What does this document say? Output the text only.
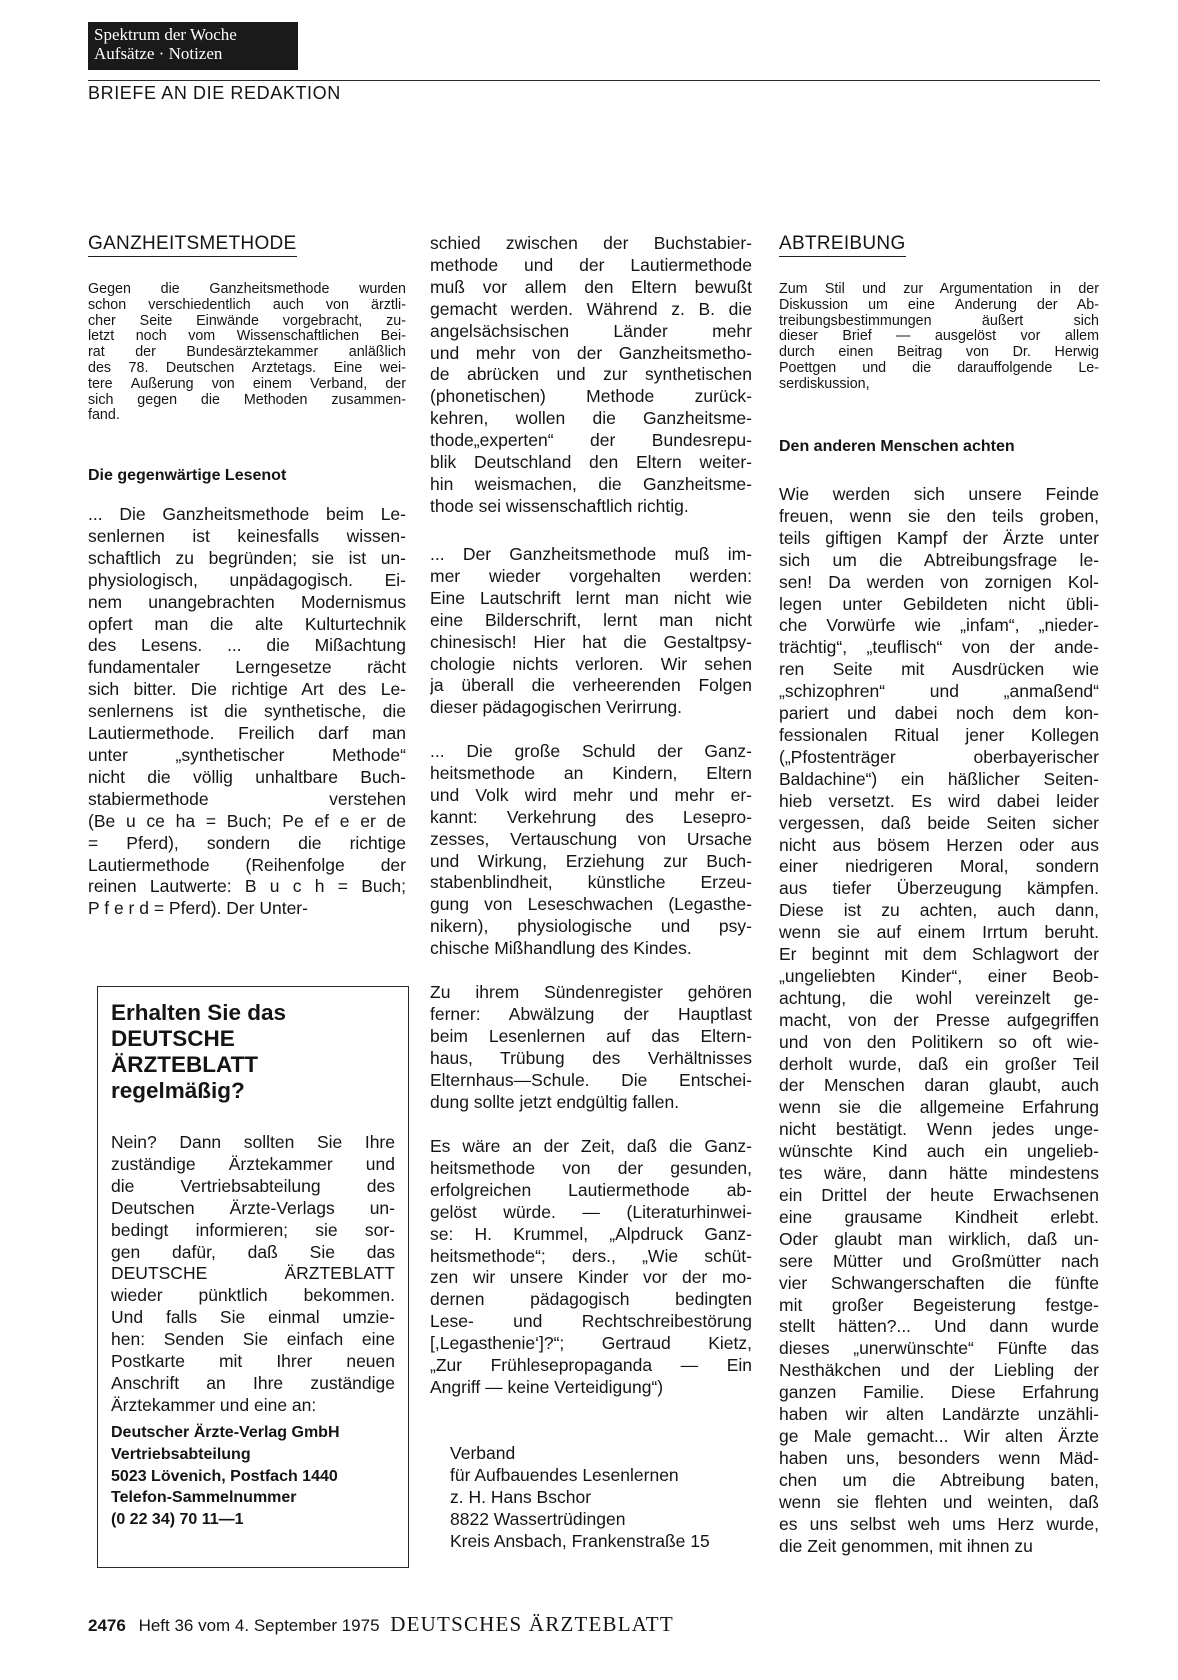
Spektrum der Woche
Aufsätze · Notizen
BRIEFE AN DIE REDAKTION
GANZHEITSMETHODE

Gegen die Ganzheitsmethode wurden

schon verschiedentlich auch von ärztli-

cher Seite Einwände vorgebracht, zu-

letzt noch vom Wissenschaftlichen Bei-

rat der Bundesärztekammer anläßlich

des 78. Deutschen Ärztetags. Eine wei-

tere Äußerung von einem Verband, der

sich gegen die Methoden zusammen-

fand.

Die gegenwärtige Lesenot

... Die Ganzheitsmethode beim Le-

senlernen ist keinesfalls wissen-

schaftlich zu begründen; sie ist un-

physiologisch, unpädagogisch. Ei-

nem unangebrachten Modernismus

opfert man die alte Kulturtechnik

des Lesens. ... die Mißachtung

fundamentaler Lerngesetze rächt

sich bitter. Die richtige Art des Le-

senlernens ist die synthetische, die

Lautiermethode. Freilich darf man

unter „synthetischer Methode“

nicht die völlig unhaltbare Buch-

stabiermethode verstehen

(Be u ce ha = Buch; Pe ef e er de

= Pferd), sondern die richtige

Lautiermethode (Reihenfolge der

reinen Lautwerte: B u c h = Buch;

P f e r d = Pferd). Der Unter-

Erhalten Sie das

DEUTSCHE

ÄRZTEBLATT

regelmäßig?

Nein? Dann sollten Sie Ihre

zuständige Ärztekammer und

die Vertriebsabteilung des

Deutschen Ärzte-Verlags un-

bedingt informieren; sie sor-

gen dafür, daß Sie das

DEUTSCHE ÄRZTEBLATT

wieder pünktlich bekommen.

Und falls Sie einmal umzie-

hen: Senden Sie einfach eine

Postkarte mit Ihrer neuen

Anschrift an Ihre zuständige

Ärztekammer und eine an:

Deutscher Ärzte-Verlag GmbH

Vertriebsabteilung

5023 Lövenich, Postfach 1440

Telefon-Sammelnummer

(0 22 34) 70 11—1

schied zwischen der Buchstabier-

methode und der Lautiermethode

muß vor allem den Eltern bewußt

gemacht werden. Während z. B. die

angelsächsischen Länder mehr

und mehr von der Ganzheitsmetho-

de abrücken und zur synthetischen

(phonetischen) Methode zurück-

kehren, wollen die Ganzheitsme-

thode„experten“ der Bundesrepu-

blik Deutschland den Eltern weiter-

hin weismachen, die Ganzheitsme-

thode sei wissenschaftlich richtig.

... Der Ganzheitsmethode muß im-

mer wieder vorgehalten werden:

Eine Lautschrift lernt man nicht wie

eine Bilderschrift, lernt man nicht

chinesisch! Hier hat die Gestaltpsy-

chologie nichts verloren. Wir sehen

ja überall die verheerenden Folgen

dieser pädagogischen Verirrung.

... Die große Schuld der Ganz-

heitsmethode an Kindern, Eltern

und Volk wird mehr und mehr er-

kannt: Verkehrung des Lesepro-

zesses, Vertauschung von Ursache

und Wirkung, Erziehung zur Buch-

stabenblindheit, künstliche Erzeu-

gung von Leseschwachen (Legasthe-

nikern), physiologische und psy-

chische Mißhandlung des Kindes.

Zu ihrem Sündenregister gehören

ferner: Abwälzung der Hauptlast

beim Lesenlernen auf das Eltern-

haus, Trübung des Verhältnisses

Elternhaus—Schule. Die Entschei-

dung sollte jetzt endgültig fallen.

Es wäre an der Zeit, daß die Ganz-

heitsmethode von der gesunden,

erfolgreichen Lautiermethode ab-

gelöst würde. — (Literaturhinwei-

se: H. Krummel, „Alpdruck Ganz-

heitsmethode“; ders., „Wie schüt-

zen wir unsere Kinder vor der mo-

dernen pädagogisch bedingten

Lese- und Rechtschreibestörung

[,Legasthenie‘]?“; Gertraud Kietz,

„Zur Frühlesepropaganda — Ein

Angriff — keine Verteidigung“)

Verband

für Aufbauendes Lesenlernen

z. H. Hans Bschor

8822 Wassertrüdingen

Kreis Ansbach, Frankenstraße 15

ABTREIBUNG

Zum Stil und zur Argumentation in der

Diskussion um eine Änderung der Ab-

treibungsbestimmungen äußert sich

dieser Brief — ausgelöst vor allem

durch einen Beitrag von Dr. Herwig

Poettgen und die darauffolgende Le-

serdiskussion,

Den anderen Menschen achten

Wie werden sich unsere Feinde

freuen, wenn sie den teils groben,

teils giftigen Kampf der Ärzte unter

sich um die Abtreibungsfrage le-

sen! Da werden von zornigen Kol-

legen unter Gebildeten nicht übli-

che Vorwürfe wie „infam“, „nieder-

trächtig“, „teuflisch“ von der ande-

ren Seite mit Ausdrücken wie

„schizophren“ und „anmaßend“

pariert und dabei noch dem kon-

fessionalen Ritual jener Kollegen

(„Pfostenträger oberbayerischer

Baldachine“) ein häßlicher Seiten-

hieb versetzt. Es wird dabei leider

vergessen, daß beide Seiten sicher

nicht aus bösem Herzen oder aus

einer niedrigeren Moral, sondern

aus tiefer Überzeugung kämpfen.

Diese ist zu achten, auch dann,

wenn sie auf einem Irrtum beruht.

Er beginnt mit dem Schlagwort der

„ungeliebten Kinder“, einer Beob-

achtung, die wohl vereinzelt ge-

macht, von der Presse aufgegriffen

und von den Politikern so oft wie-

derholt wurde, daß ein großer Teil

der Menschen daran glaubt, auch

wenn sie die allgemeine Erfahrung

nicht bestätigt. Wenn jedes unge-

wünschte Kind auch ein ungelieb-

tes wäre, dann hätte mindestens

ein Drittel der heute Erwachsenen

eine grausame Kindheit erlebt.

Oder glaubt man wirklich, daß un-

sere Mütter und Großmütter nach

vier Schwangerschaften die fünfte

mit großer Begeisterung festge-

stellt hätten?... Und dann wurde

dieses „unerwünschte“ Fünfte das

Nesthäkchen und der Liebling der

ganzen Familie. Diese Erfahrung

haben wir alten Landärzte unzähli-

ge Male gemacht... Wir alten Ärzte

haben uns, besonders wenn Mäd-

chen um die Abtreibung baten,

wenn sie flehten und weinten, daß

es uns selbst weh ums Herz wurde,

die Zeit genommen, mit ihnen zu

2476 Heft 36 vom 4. September 1975 DEUTSCHES ÄRZTEBLATT
